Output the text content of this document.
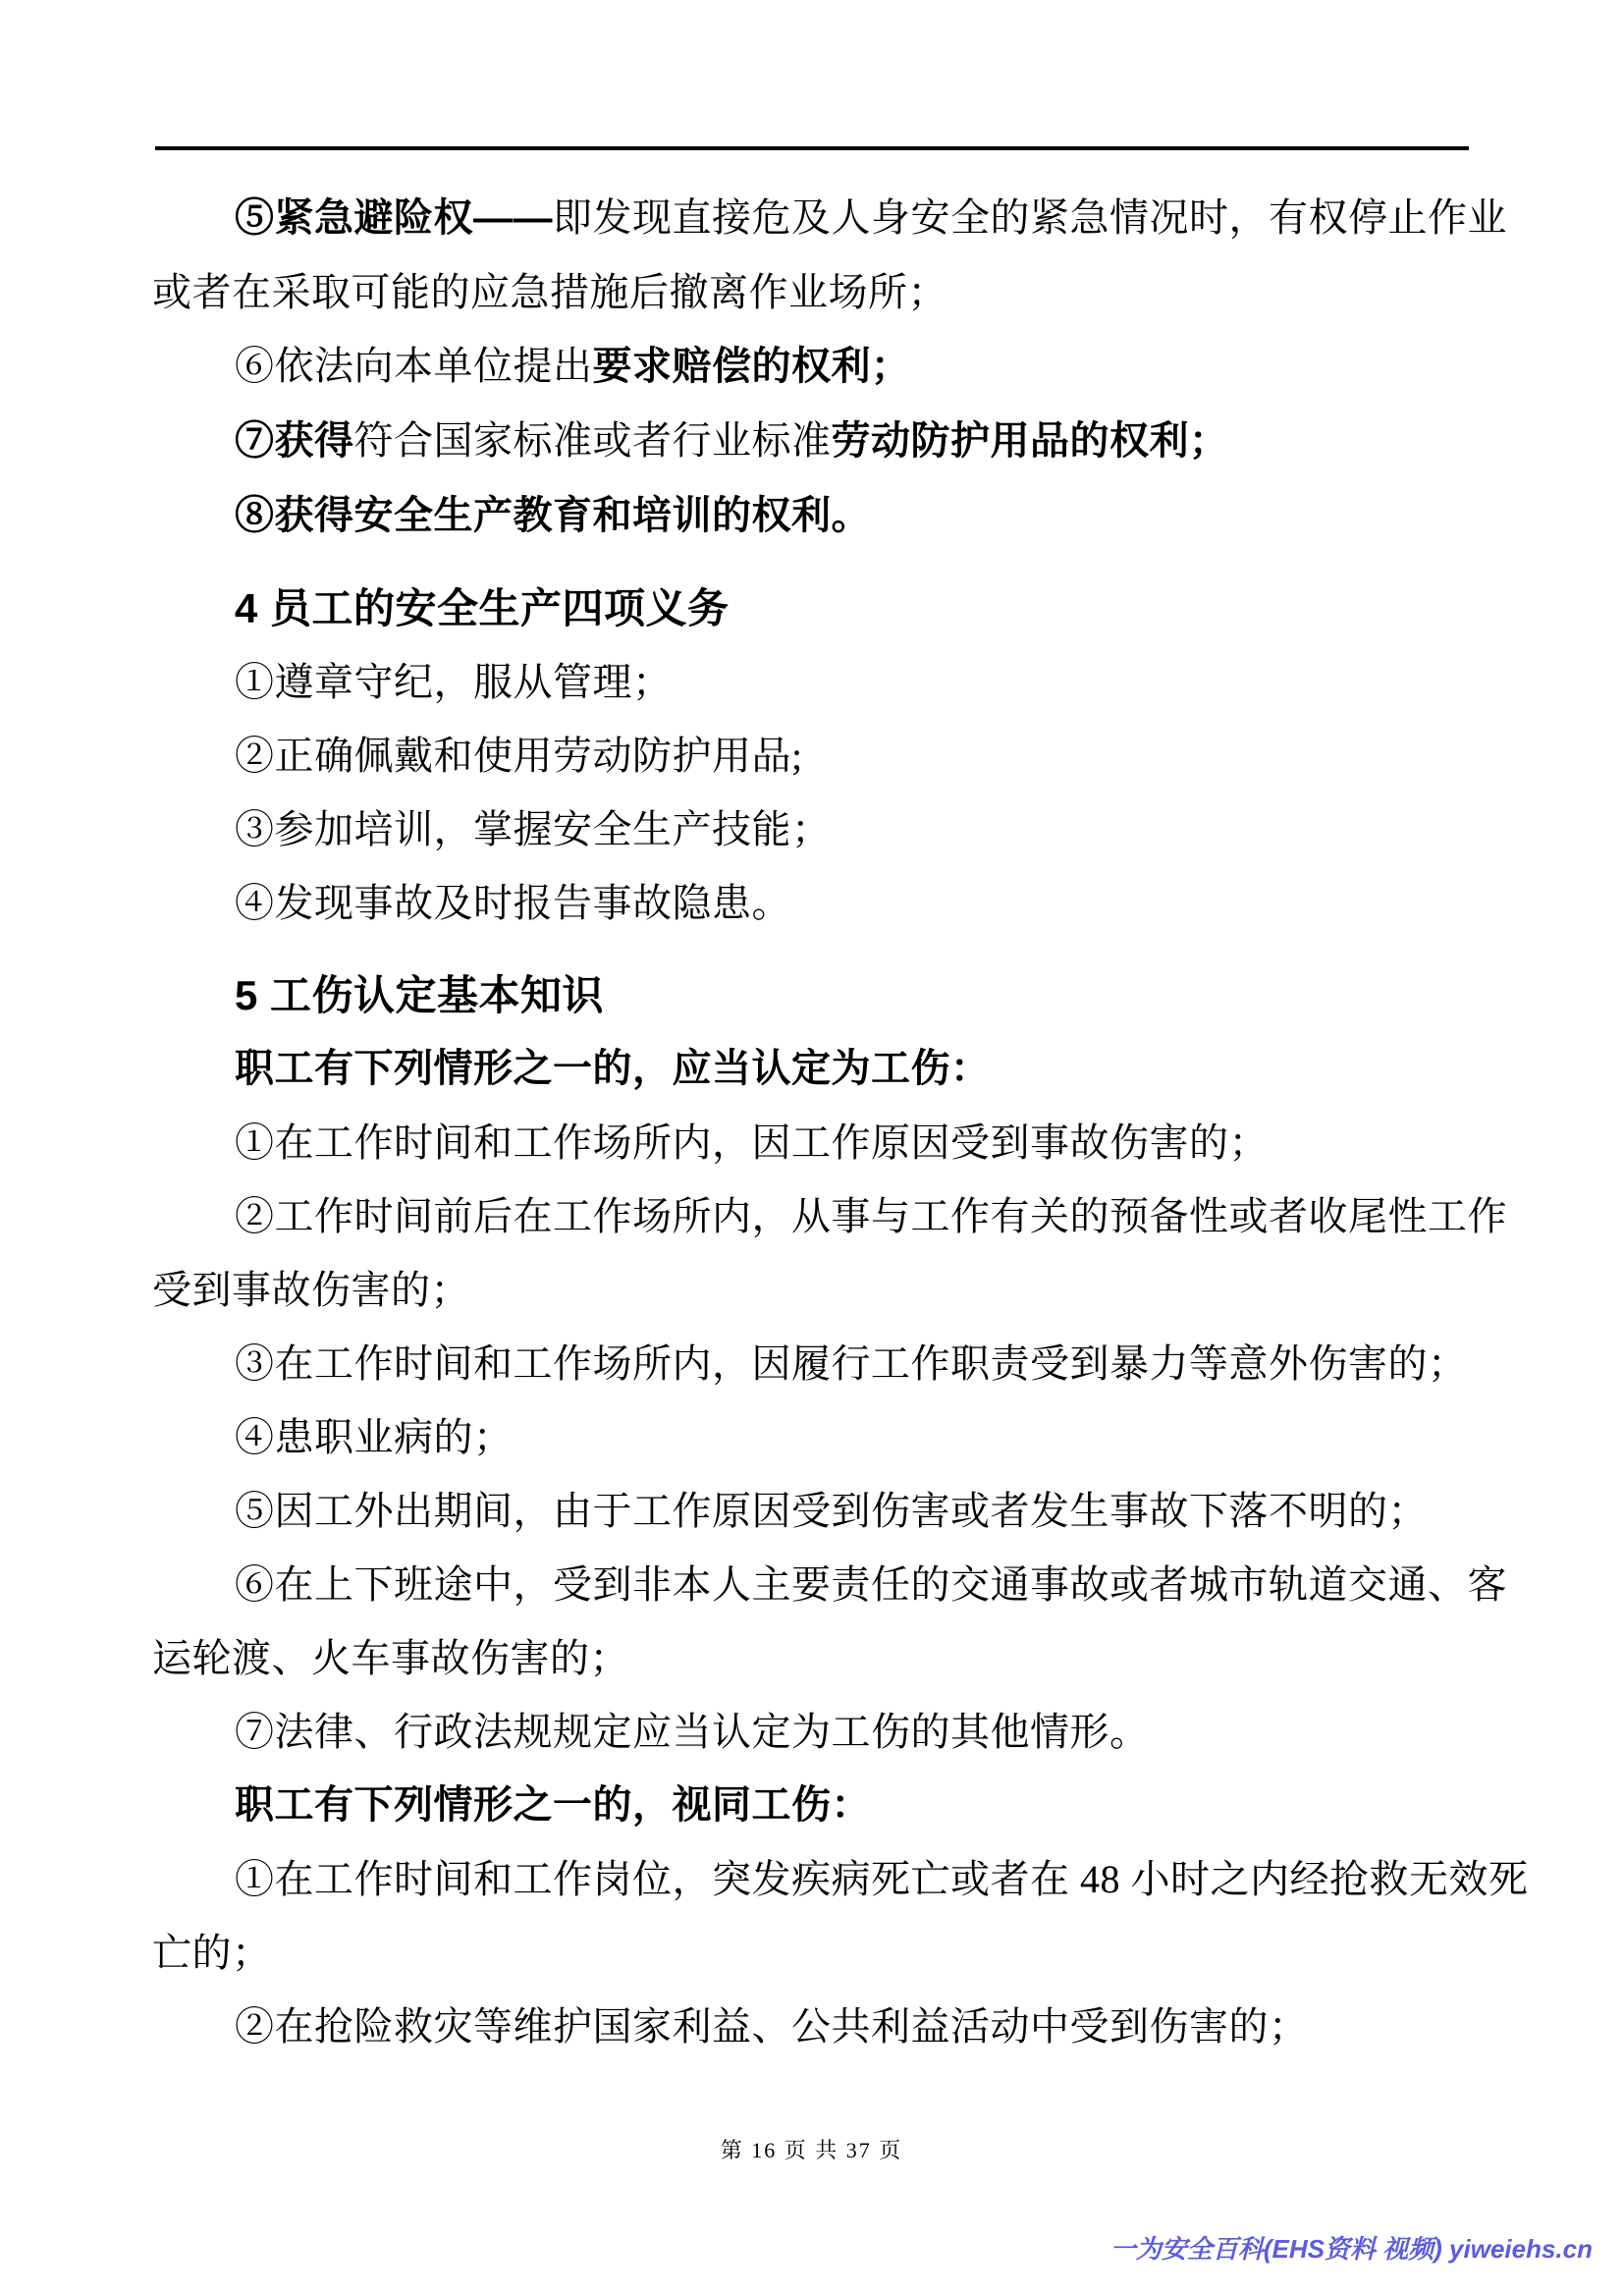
⑤紧急避险权——即发现直接危及人身安全的紧急情况时，有权停止作业
或者在采取可能的应急措施后撤离作业场所；
⑥依法向本单位提出要求赔偿的权利；
⑦获得符合国家标准或者行业标准劳动防护用品的权利；
⑧获得安全生产教育和培训的权利。
4 员工的安全生产四项义务
①遵章守纪，服从管理；
②正确佩戴和使用劳动防护用品;
③参加培训，掌握安全生产技能；
④发现事故及时报告事故隐患。
5 工伤认定基本知识
职工有下列情形之一的，应当认定为工伤：
①在工作时间和工作场所内，因工作原因受到事故伤害的；
②工作时间前后在工作场所内，从事与工作有关的预备性或者收尾性工作
受到事故伤害的；
③在工作时间和工作场所内，因履行工作职责受到暴力等意外伤害的；
④患职业病的；
⑤因工外出期间，由于工作原因受到伤害或者发生事故下落不明的；
⑥在上下班途中，受到非本人主要责任的交通事故或者城市轨道交通、客
运轮渡、火车事故伤害的；
⑦法律、行政法规规定应当认定为工伤的其他情形。
职工有下列情形之一的，视同工伤：
①在工作时间和工作岗位，突发疾病死亡或者在 48 小时之内经抢救无效死
亡的；
②在抢险救灾等维护国家利益、公共利益活动中受到伤害的；
第 16 页 共 37 页
一为安全百科(EHS资料 视频) yiweiehs.cn
